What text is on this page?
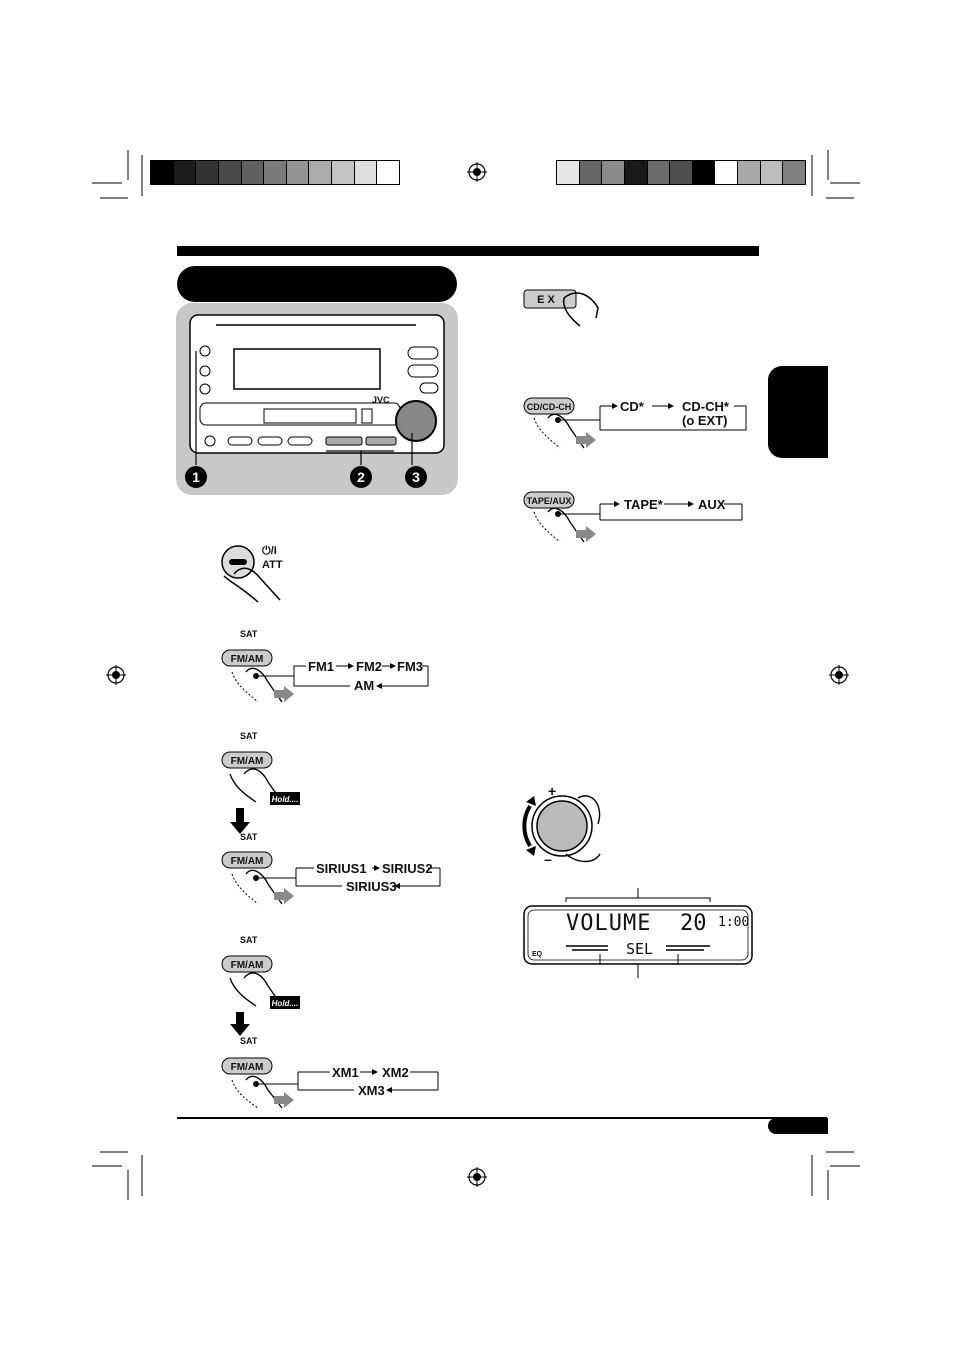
JVC
1	2	3
⏻/I
ATT
SAT
FM/AM	FM1 FM2 FM3
AM
SAT
FM/AM
Hold....
SAT
FM/AM	SIRIUS1 SIRIUS2
SIRIUS3
SAT
FM/AM
Hold....
SAT
FM/AM	XM1 XM2
XM3
E X
CD/CD-CH	CD*	CD-CH*
(o EXT)
TAPE/AUX	TAPE*	AUX
+
–
VOLUME 20 1:00
SEL
EQ
